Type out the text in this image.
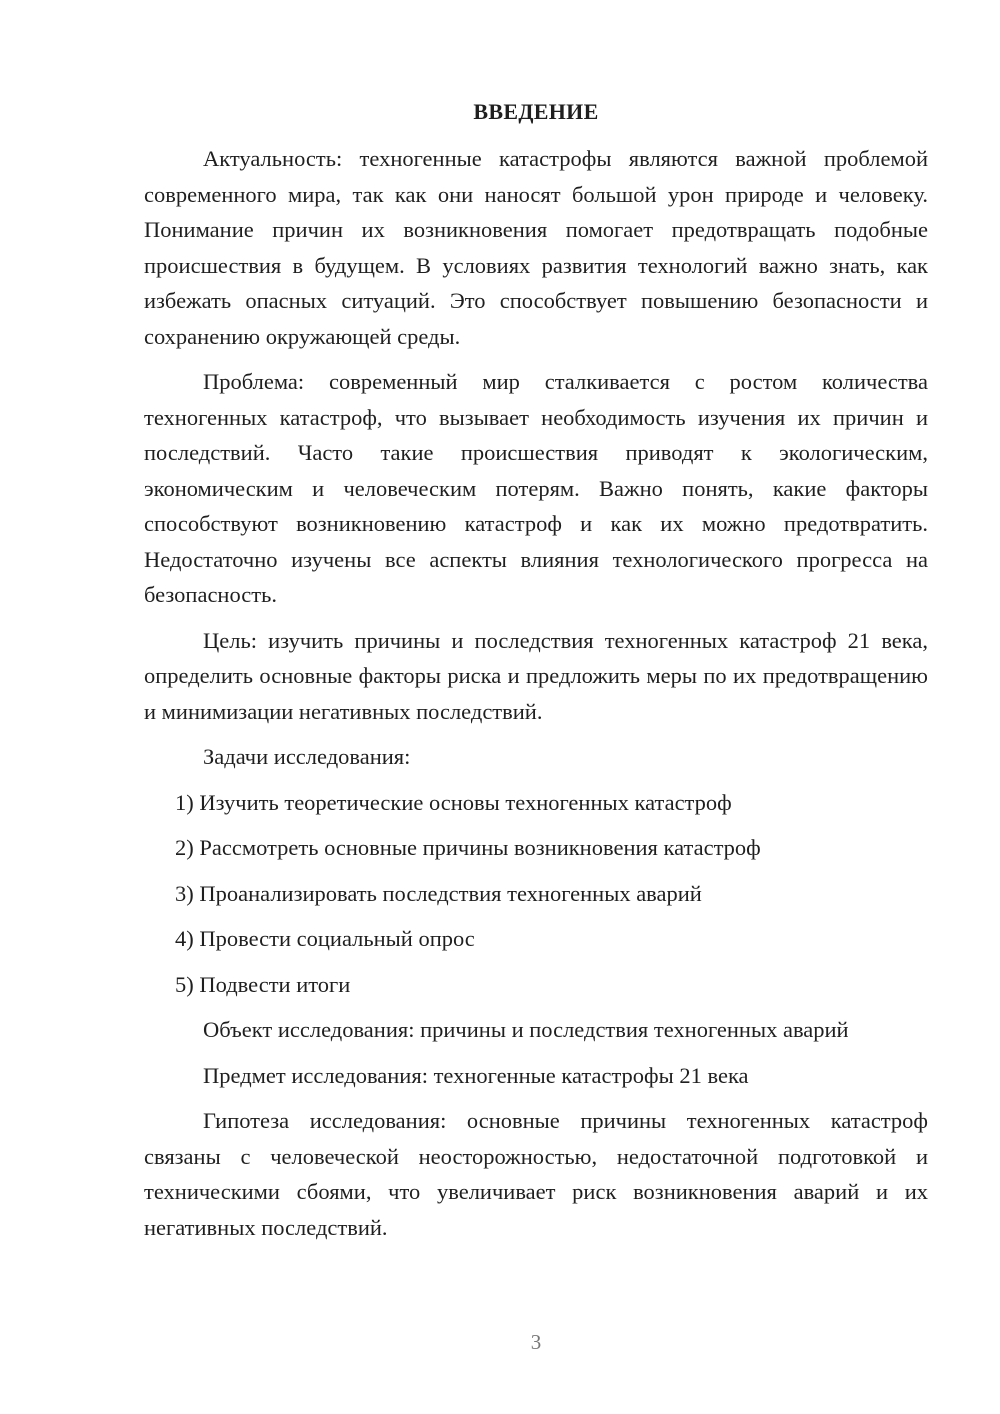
ВВЕДЕНИЕ

Актуальность: техногенные катастрофы являются важной проблемой современного мира, так как они наносят большой урон природе и человеку. Понимание причин их возникновения помогает предотвращать подобные происшествия в будущем. В условиях развития технологий важно знать, как избежать опасных ситуаций. Это способствует повышению безопасности и сохранению окружающей среды.

Проблема: современный мир сталкивается с ростом количества техногенных катастроф, что вызывает необходимость изучения их причин и последствий. Часто такие происшествия приводят к экологическим, экономическим и человеческим потерям. Важно понять, какие факторы способствуют возникновению катастроф и как их можно предотвратить. Недостаточно изучены все аспекты влияния технологического прогресса на безопасность.

Цель: изучить причины и последствия техногенных катастроф 21 века, определить основные факторы риска и предложить меры по их предотвращению и минимизации негативных последствий.

Задачи исследования:

1) Изучить теоретические основы техногенных катастроф

2) Рассмотреть основные причины возникновения катастроф

3) Проанализировать последствия техногенных аварий

4) Провести социальный опрос

5) Подвести итоги

Объект исследования: причины и последствия техногенных аварий

Предмет исследования: техногенные катастрофы 21 века

Гипотеза исследования: основные причины техногенных катастроф связаны с человеческой неосторожностью, недостаточной подготовкой и техническими сбоями, что увеличивает риск возникновения аварий и их негативных последствий.

3
